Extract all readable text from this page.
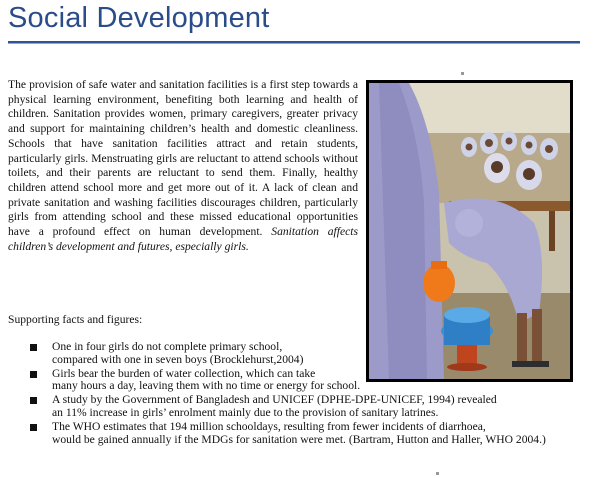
Social Development

The provision of safe water and sanitation facilities is a first step towards a physical learning environment, benefiting both learning and health of children. Sanitation provides women, primary caregivers, greater privacy and support for maintaining children’s health and domestic cleanliness. Schools that have sanitation facilities attract and retain students, particularly girls. Menstruating girls are reluctant to attend schools without toilets, and their parents are reluctant to send them. Finally, healthy children attend school more and get more out of it. A lack of clean and private sanitation and washing facilities discourages children, particularly girls from attending school and these missed educational opportunities have a profound effect on human development. Sanitation affects children’s development and futures, especially girls.

Supporting facts and figures:

One in four girls do not complete primary school,
compared with one in seven boys (Brocklehurst,2004)
Girls bear the burden of water collection, which can take
many hours a day, leaving them with no time or energy for school.
A study by the Government of Bangladesh and UNICEF (DPHE-DPE-UNICEF, 1994) revealed
an 11% increase in girls’ enrolment mainly due to the provision of sanitary latrines.
The WHO estimates that 194 million schooldays, resulting from fewer incidents of diarrhoea,
would be gained annually if the MDGs for sanitation were met. (Bartram, Hutton and Haller, WHO 2004.)
